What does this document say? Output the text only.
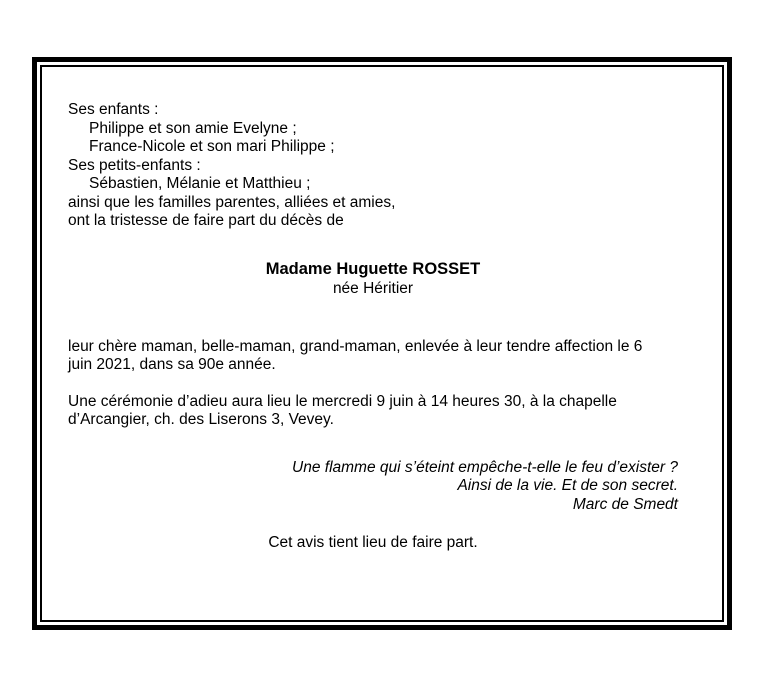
Ses enfants :
Philippe et son amie Evelyne ;
France-Nicole et son mari Philippe ;
Ses petits-enfants :
Sébastien, Mélanie et Matthieu ;
ainsi que les familles parentes, alliées et amies,
ont la tristesse de faire part du décès de
Madame Huguette ROSSET
née Héritier
leur chère maman, belle-maman, grand-maman, enlevée à leur tendre affection le 6
juin 2021, dans sa 90e année.
Une cérémonie d’adieu aura lieu le mercredi 9 juin à 14 heures 30, à la chapelle
d’Arcangier, ch. des Liserons 3, Vevey.
Une flamme qui s’éteint empêche-t-elle le feu d’exister ?
Ainsi de la vie. Et de son secret.
Marc de Smedt
Cet avis tient lieu de faire part.
